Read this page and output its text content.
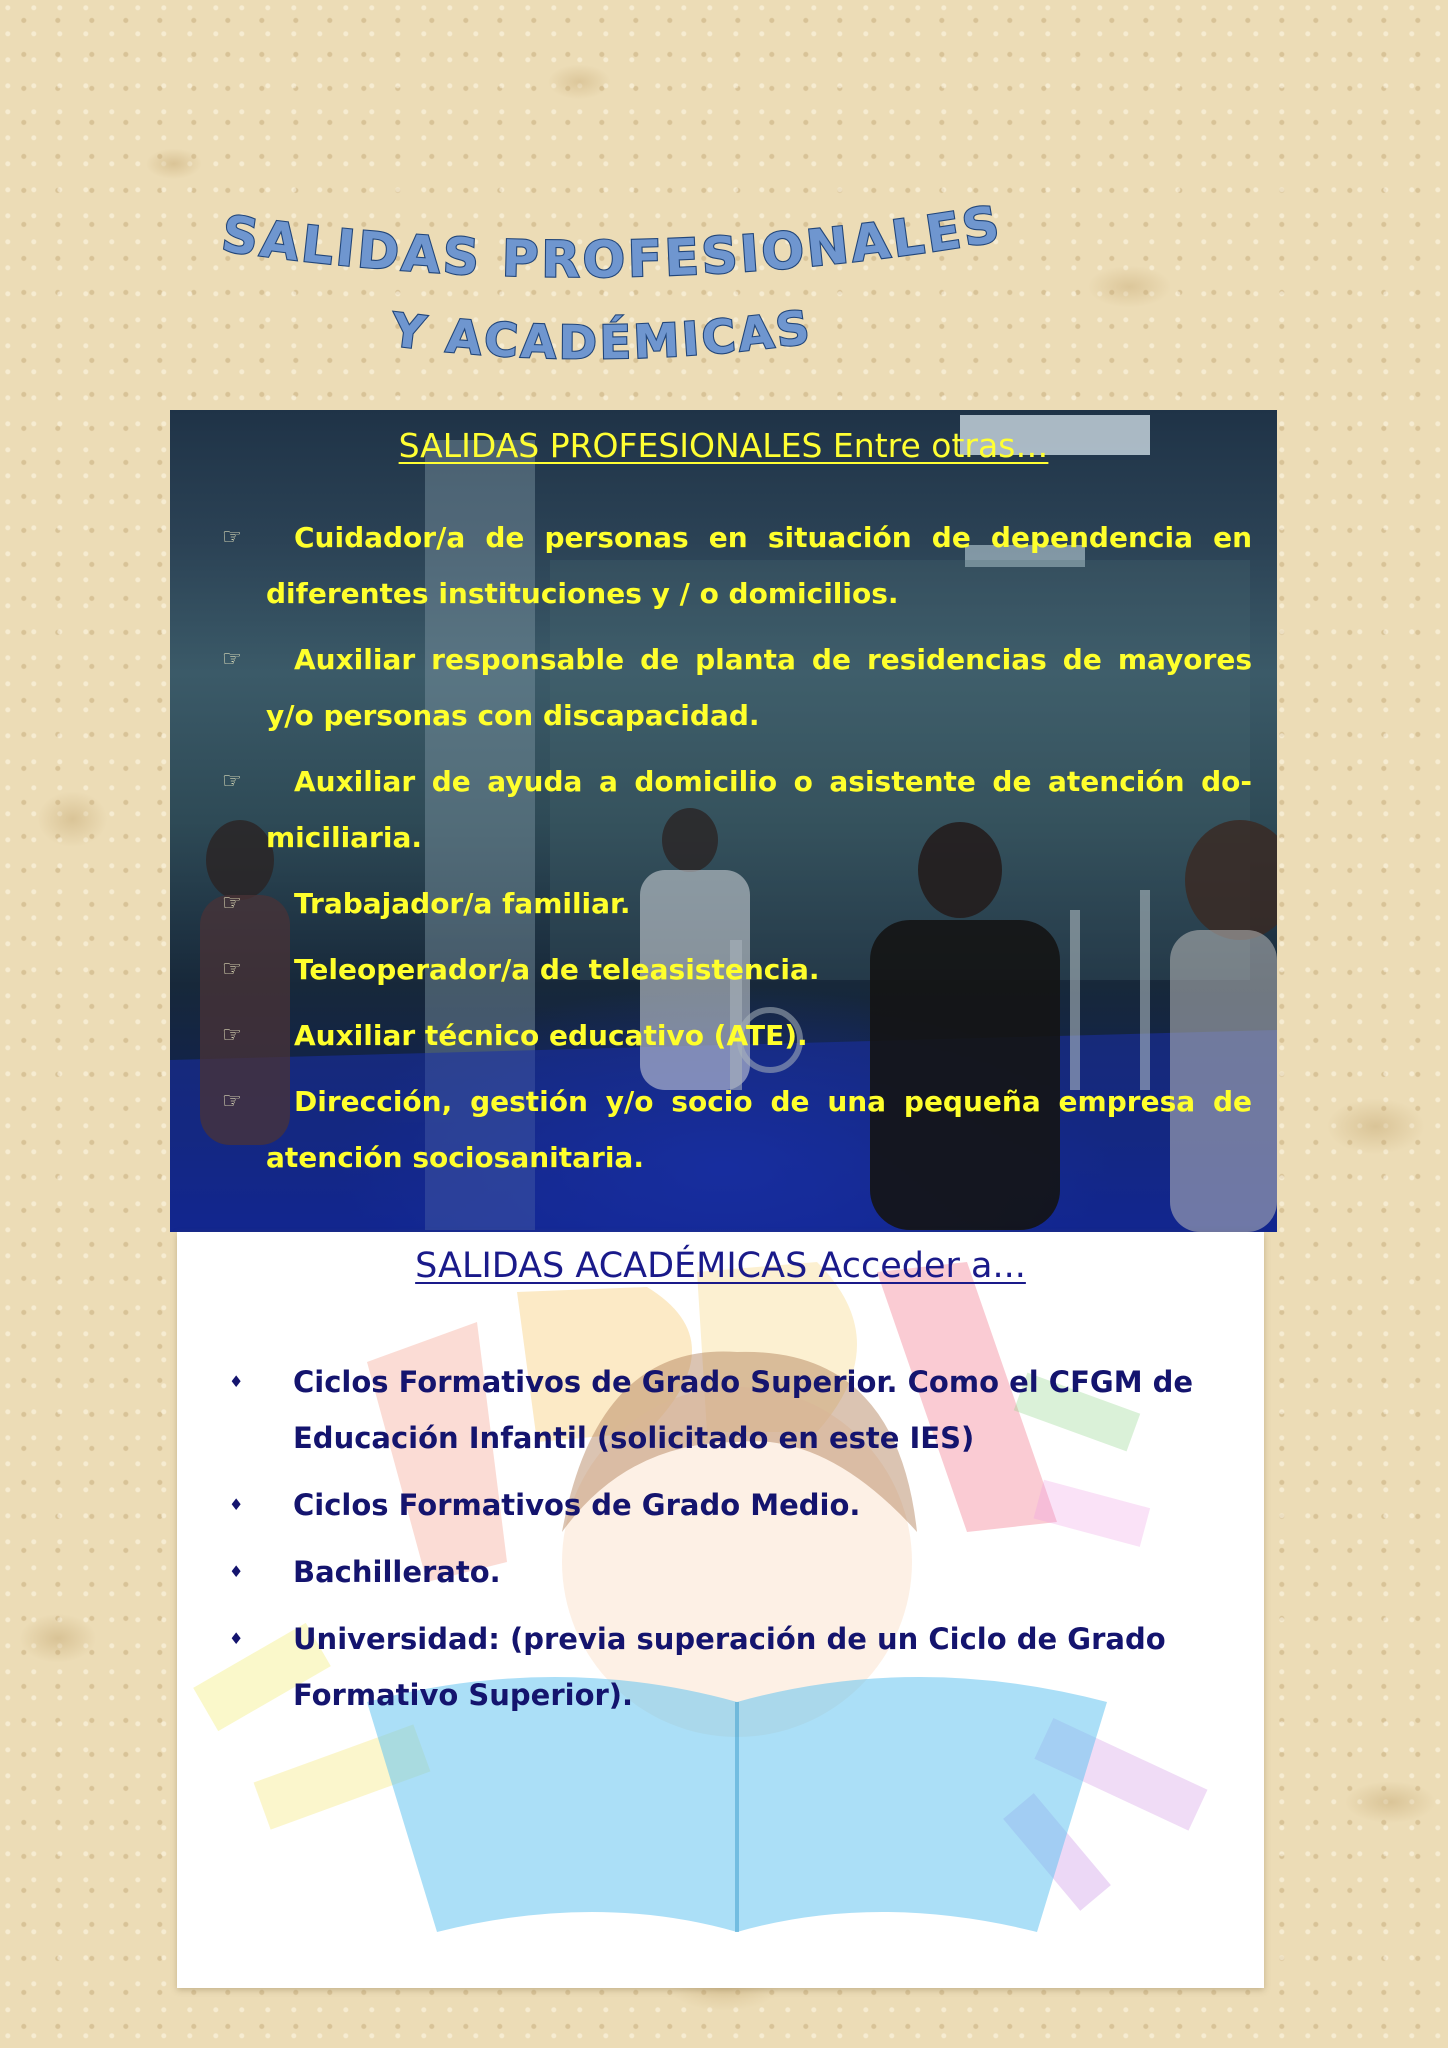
SALIDAS PROFESIONALES
Y ACADÉMICAS
SALIDAS PROFESIONALES Entre otras…
☞	Cuidador/a de personas en situación de dependencia en diferentes instituciones y / o domicilios.
☞	Auxiliar responsable de planta de residencias de mayores y/o personas con discapacidad.
☞	Auxiliar de ayuda a domicilio o asistente de atención do-miciliaria.
☞	Trabajador/a familiar.
☞	Teleoperador/a de teleasistencia.
☞	Auxiliar técnico educativo (ATE).
☞	Dirección, gestión y/o socio de una pequeña empresa de atención sociosanitaria.
SALIDAS ACADÉMICAS Acceder a...
♦ Ciclos Formativos de Grado Superior. Como el CFGM de Educación Infantil (solicitado en este IES)
♦ Ciclos Formativos de Grado Medio.
♦ Bachillerato.
♦ Universidad: (previa superación de un Ciclo de Grado Formativo Superior).
